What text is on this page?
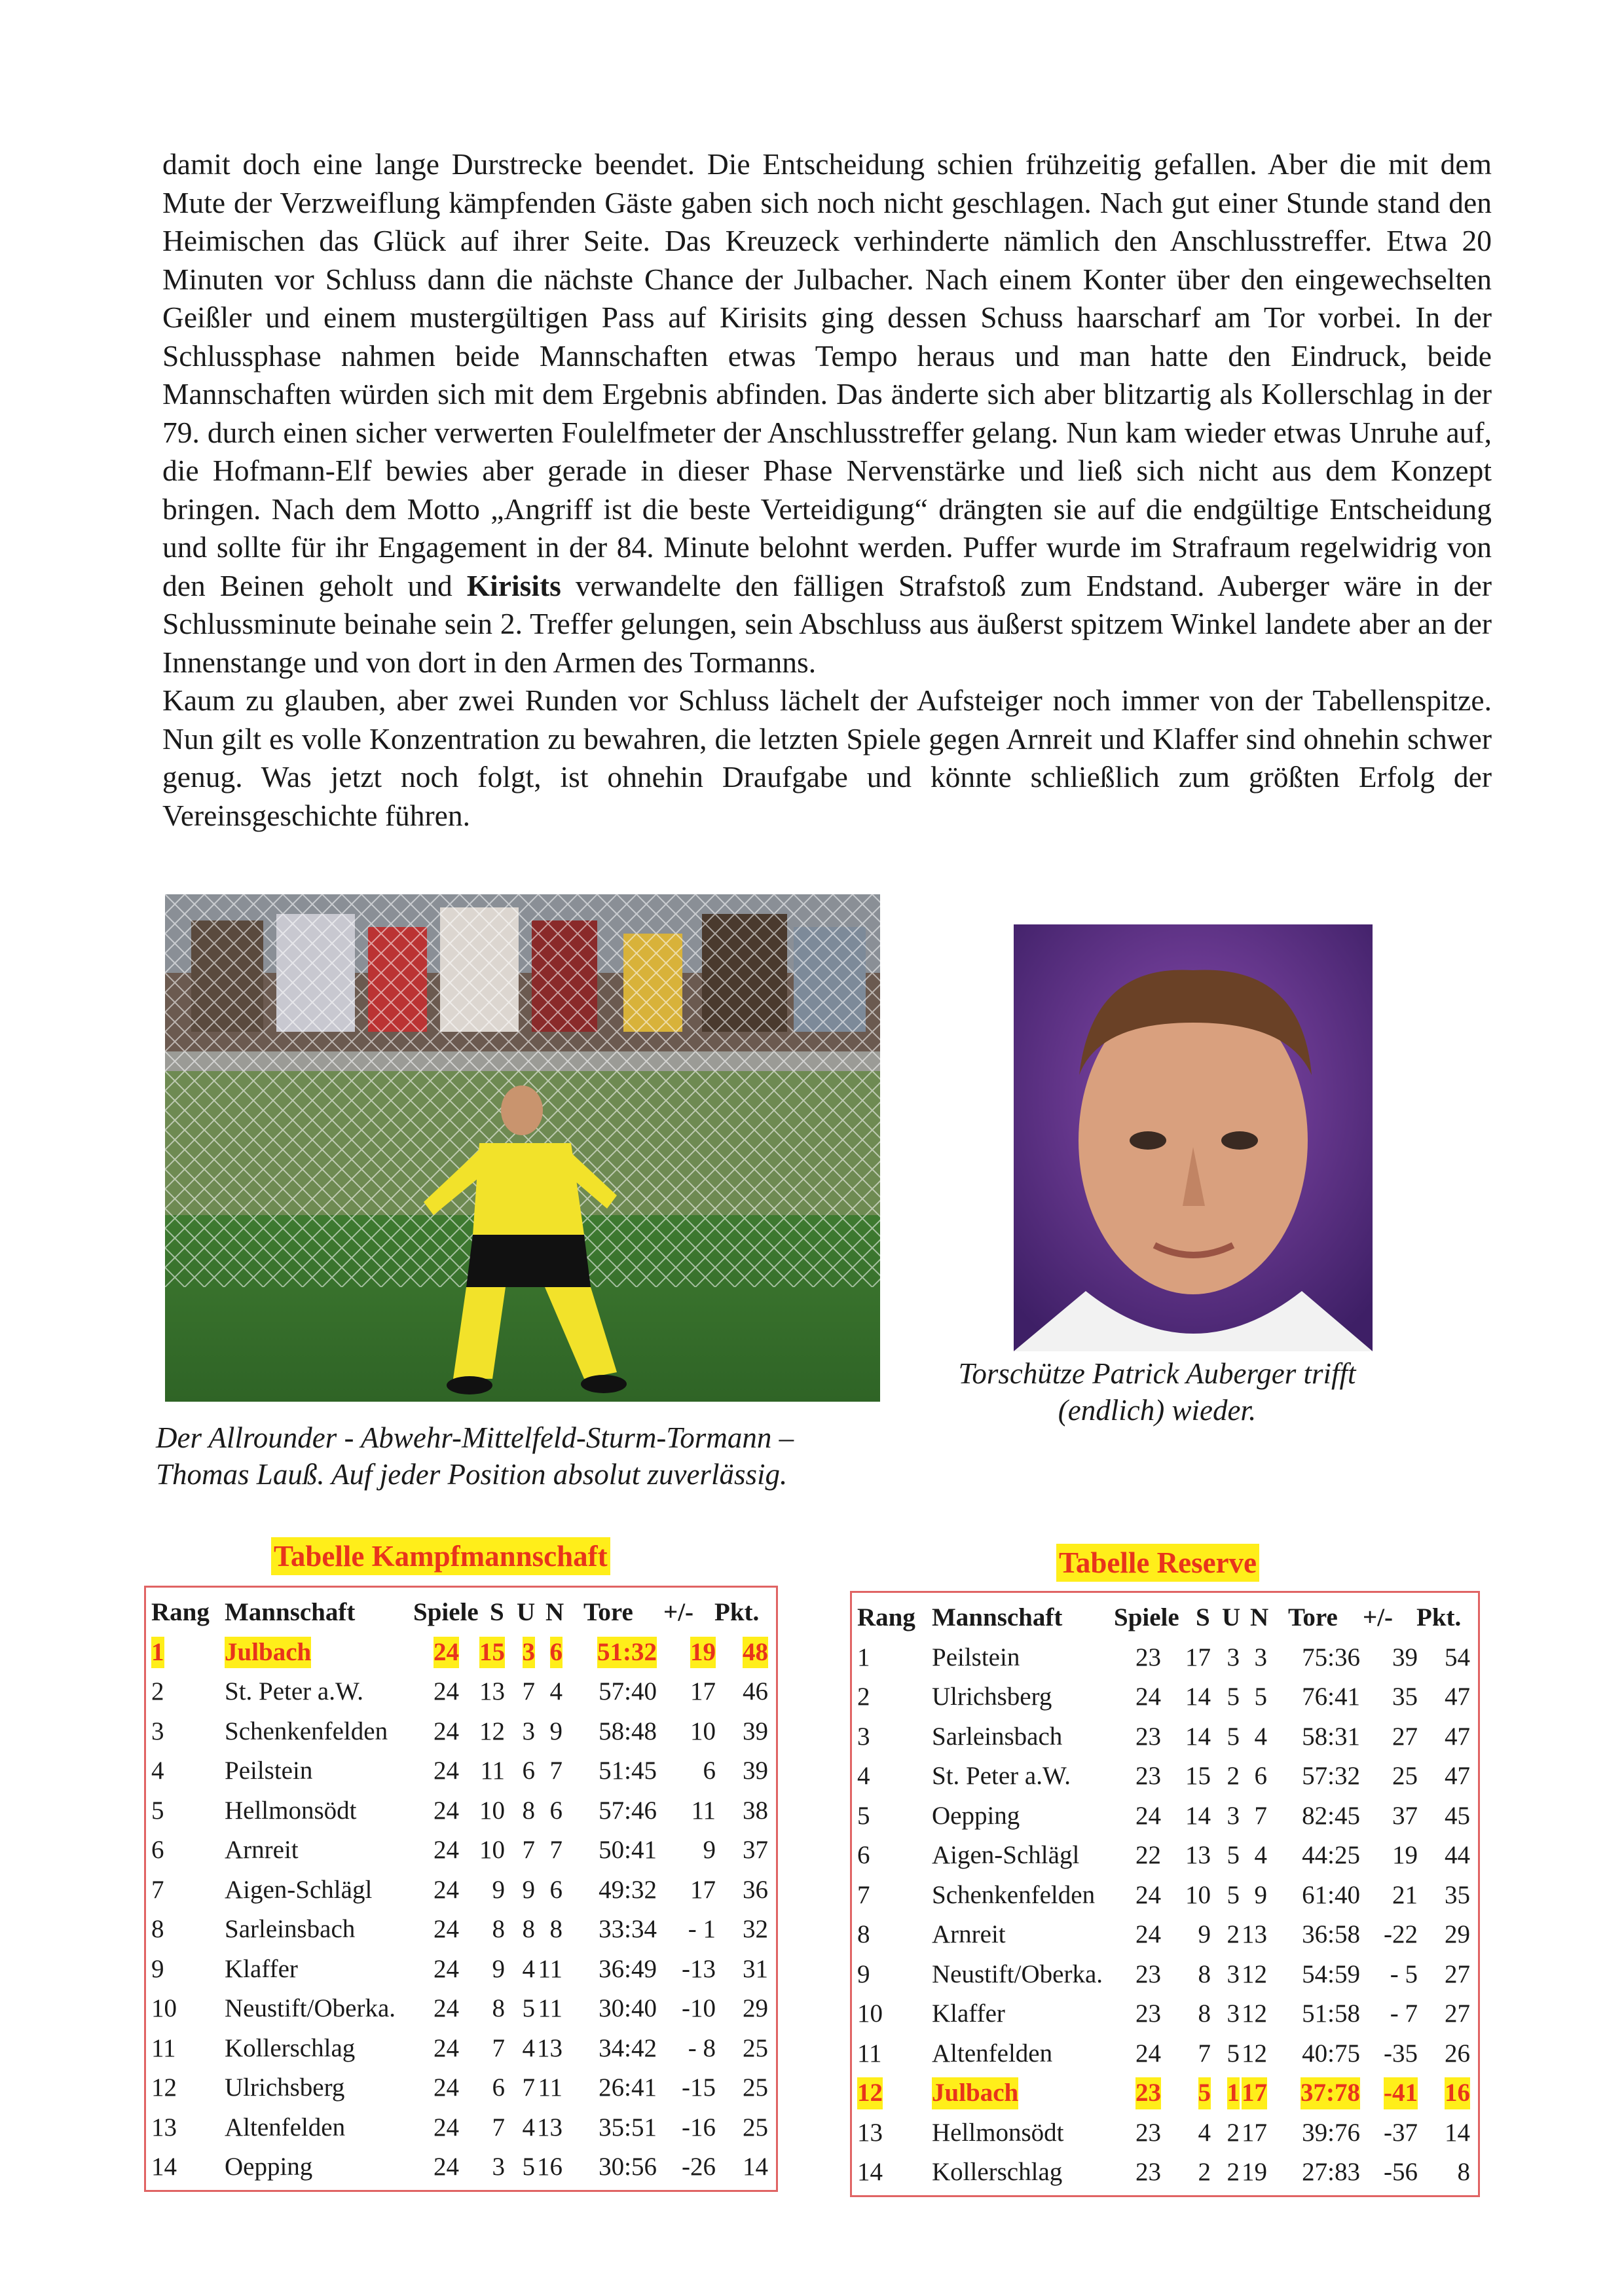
damit doch eine lange Durstrecke beendet. Die Entscheidung schien frühzeitig gefallen. Aber die mit dem Mute der Verzweiflung kämpfenden Gäste gaben sich noch nicht geschlagen. Nach gut einer Stunde stand den Heimischen das Glück auf ihrer Seite. Das Kreuzeck verhinderte nämlich den Anschlusstreffer. Etwa 20 Minuten vor Schluss dann die nächste Chance der Julbacher. Nach einem Konter über den eingewechselten Geißler und einem mustergültigen Pass auf Kirisits ging dessen Schuss haarscharf am Tor vorbei. In der Schlussphase nahmen beide Mannschaften etwas Tempo heraus und man hatte den Eindruck, beide Mannschaften würden sich mit dem Ergebnis abfinden. Das änderte sich aber blitzartig als Kollerschlag in der 79. durch einen sicher verwerten Foulelfmeter der Anschlusstreffer gelang. Nun kam wieder etwas Unruhe auf, die Hofmann-Elf bewies aber gerade in dieser Phase Nervenstärke und ließ sich nicht aus dem Konzept bringen. Nach dem Motto „Angriff ist die beste Verteidigung“ drängten sie auf die endgültige Entscheidung und sollte für ihr Engagement in der 84. Minute belohnt werden. Puffer wurde im Strafraum regelwidrig von den Beinen geholt und Kirisits verwandelte den fälligen Strafstoß zum Endstand. Auberger wäre in der Schlussminute beinahe sein 2. Treffer gelungen, sein Abschluss aus äußerst spitzem Winkel landete aber an der Innenstange und von dort in den Armen des Tormanns.

Kaum zu glauben, aber zwei Runden vor Schluss lächelt der Aufsteiger noch immer von der Tabellenspitze. Nun gilt es volle Konzentration zu bewahren, die letzten Spiele gegen Arnreit und Klaffer sind ohnehin schwer genug. Was jetzt noch folgt, ist ohnehin Draufgabe und könnte schließlich zum größten Erfolg der Vereinsgeschichte führen.

Der Allrounder - Abwehr-Mittelfeld-Sturm-Tormann –
Thomas Lauß. Auf jeder Position absolut zuverlässig.
Torschütze Patrick Auberger trifft
(endlich) wieder.
Tabelle Kampfmannschaft	Tabelle Reserve
Rang Mannschaft Spiele S U N Tore +/- Pkt.
1 Julbach	24 15 3 6 51:32 19 48
2 St. Peter a.W.	24 13 7 4 57:40 17 46
3 Schenkenfelden 24 12 3 9 58:48 10 39
4 Peilstein	24 11 6 7 51:45 6 39
5 Hellmonsödt	24 10 8 6 57:46 11 38
6 Arnreit	24 10 7 7 50:41 9 37
7 Aigen-Schlägl 24 9 9 6 49:32 17 36
8 Sarleinsbach	24 8 8 8 33:34 - 1 32
9 Klaffer	24 9 4 11 36:49 -13 31
10 Neustift/Oberka. 24 8 5 11 30:40 -10 29
11 Kollerschlag	24 7 4 13 34:42 - 8 25
12 Ulrichsberg	24 6 7 11 26:41 -15 25
13 Altenfelden	24 7 4 13 35:51 -16 25
14 Oepping	24 3 5 16 30:56 -26 14
Rang Mannschaft Spiele S U N Tore +/- Pkt.
1 Peilstein	23 17 3 3 75:36 39 54
2 Ulrichsberg	24 14 5 5 76:41 35 47
3 Sarleinsbach	23 14 5 4 58:31 27 47
4 St. Peter a.W.	23 15 2 6 57:32 25 47
5 Oepping	24 14 3 7 82:45 37 45
6 Aigen-Schlägl 22 13 5 4 44:25 19 44
7 Schenkenfelden 24 10 5 9 61:40 21 35
8 Arnreit	24 9 2 13 36:58 -22 29
9 Neustift/Oberka. 23 8 3 12 54:59 - 5 27
10 Klaffer	23 8 3 12 51:58 - 7 27
11 Altenfelden	24 7 5 12 40:75 -35 26
12 Julbach	23 5 1 17 37:78 -41 16
13 Hellmonsödt	23 4 2 17 39:76 -37 14
14 Kollerschlag	23 2 2 19 27:83 -56 8
